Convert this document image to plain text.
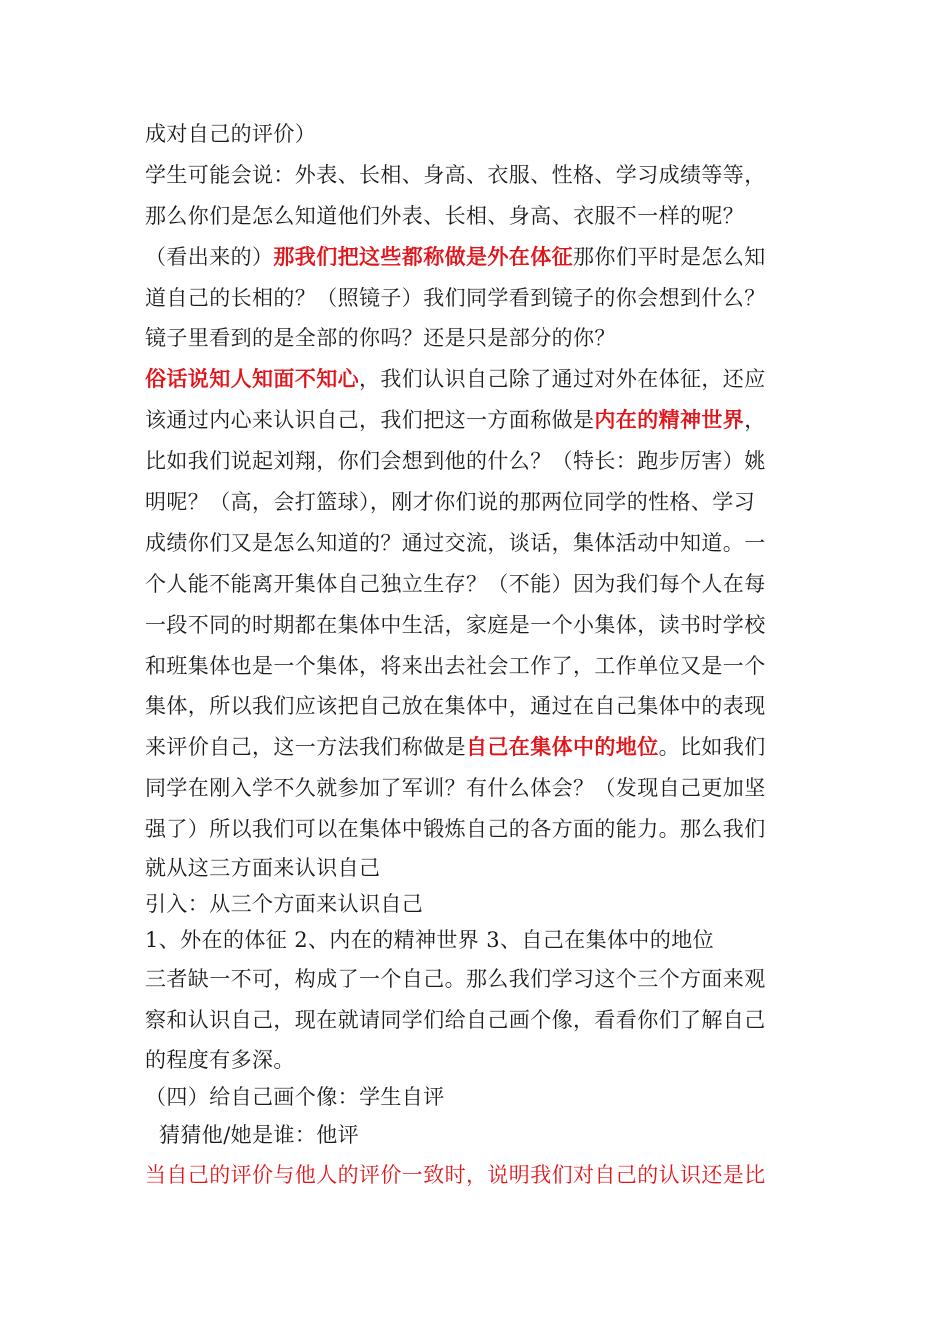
成对自己的评价）
学生可能会说：外表、长相、身高、衣服、性格、学习成绩等等，
那么你们是怎么知道他们外表、长相、身高、衣服不一样的呢？
（看出来的）那我们把这些都称做是外在体征那你们平时是怎么知
道自己的长相的？（照镜子）我们同学看到镜子的你会想到什么？
镜子里看到的是全部的你吗？还是只是部分的你？
俗话说知人知面不知心，我们认识自己除了通过对外在体征，还应
该通过内心来认识自己，我们把这一方面称做是内在的精神世界，
比如我们说起刘翔，你们会想到他的什么？（特长：跑步厉害）姚
明呢？（高，会打篮球），刚才你们说的那两位同学的性格、学习
成绩你们又是怎么知道的？通过交流，谈话，集体活动中知道。一
个人能不能离开集体自己独立生存？（不能）因为我们每个人在每
一段不同的时期都在集体中生活，家庭是一个小集体，读书时学校
和班集体也是一个集体，将来出去社会工作了，工作单位又是一个
集体，所以我们应该把自己放在集体中，通过在自己集体中的表现
来评价自己，这一方法我们称做是自己在集体中的地位。比如我们
同学在刚入学不久就参加了军训？有什么体会？（发现自己更加坚
强了）所以我们可以在集体中锻炼自己的各方面的能力。那么我们
就从这三方面来认识自己
引入：从三个方面来认识自己
1、外在的体征 2、内在的精神世界 3、自己在集体中的地位
三者缺一不可，构成了一个自己。那么我们学习这个三个方面来观
察和认识自己，现在就请同学们给自己画个像，看看你们了解自己
的程度有多深。
（四）给自己画个像：学生自评
猜猜他/她是谁：他评
当自己的评价与他人的评价一致时，说明我们对自己的认识还是比
